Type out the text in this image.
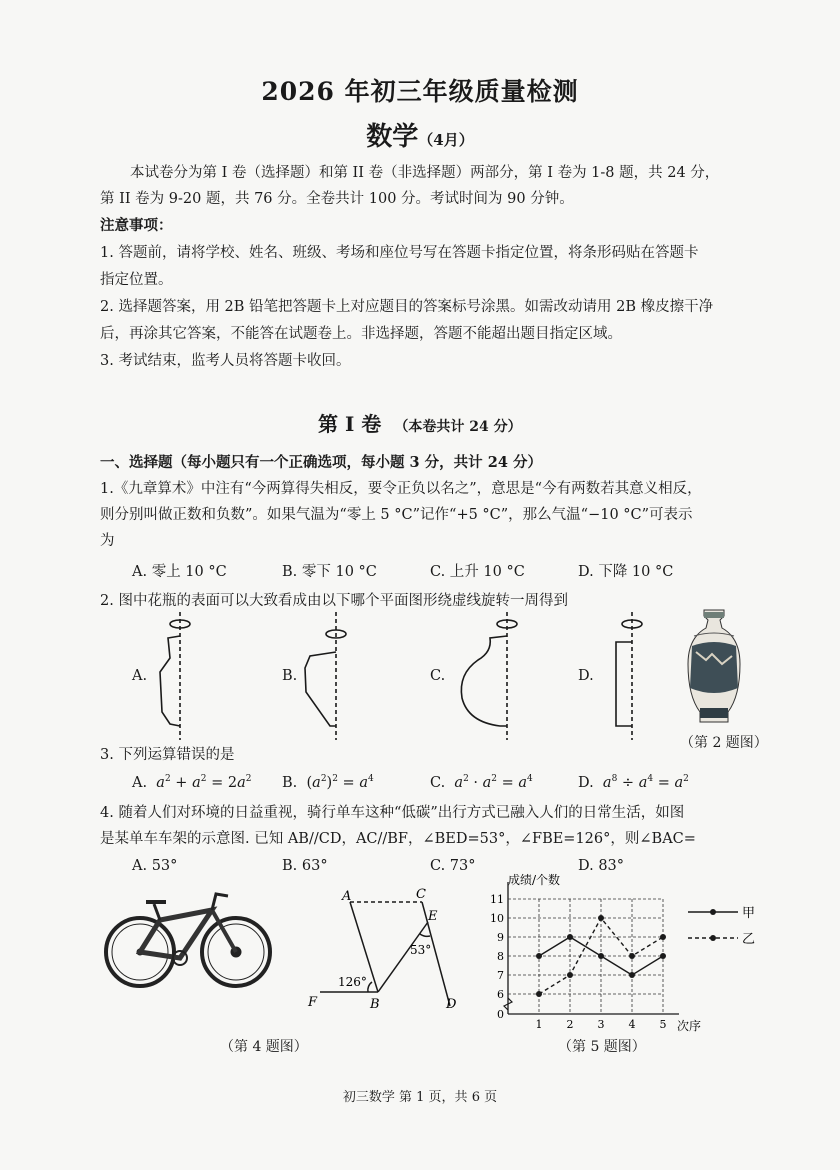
2026 年初三年级质量检测
数学（4月）
本试卷分为第 I 卷（选择题）和第 II 卷（非选择题）两部分，第 I 卷为 1-8 题，共 24 分，
第 II 卷为 9-20 题，共 76 分。全卷共计 100 分。考试时间为 90 分钟。
注意事项：
1. 答题前，请将学校、姓名、班级、考场和座位号写在答题卡指定位置，将条形码贴在答题卡
指定位置。
2. 选择题答案，用 2B 铅笔把答题卡上对应题目的答案标号涂黑。如需改动请用 2B 橡皮擦干净
后，再涂其它答案，不能答在试题卷上。非选择题，答题不能超出题目指定区域。
3. 考试结束，监考人员将答题卡收回。
第 I 卷 （本卷共计 24 分）
一、选择题（每小题只有一个正确选项，每小题 3 分，共计 24 分）
1.《九章算术》中注有“今两算得失相反，要令正负以名之”，意思是“今有两数若其意义相反，
则分别叫做正数和负数”。如果气温为“零上 5 °C”记作“+5 °C”，那么气温“−10 °C”可表示
为
A. 零上 10 °C	B. 零下 10 °C	C. 上升 10 °C	D. 下降 10 °C
2. 图中花瓶的表面可以大致看成由以下哪个平面图形绕虚线旋转一周得到
A.	B.	C.	D.
（第 2 题图）
3. 下列运算错误的是
A.  $a^2 + a^2 = 2a^2$ B.  $(a^2)^2 = a^4$	C.  $a^2 \cdot a^2 = a^4$	D.  $a^8 \div a^4 = a^2$
4. 随着人们对环境的日益重视，骑行单车这种“低碳”出行方式已融入人们的日常生活，如图
是某单车车架的示意图. 已知 AB//CD，AC//BF，∠BED=53°，∠FBE=126°，则∠BAC=
A. 53°	B. 63°	C. 73°	D. 83°
（第 4 题图）
A	C
E
F	B	D
126°
53°
0
6
7
8
9
10
11
1 2 3 4 5
成绩/个数
次序
甲
乙
（第 5 题图）
初三数学 第 1 页，共 6 页
